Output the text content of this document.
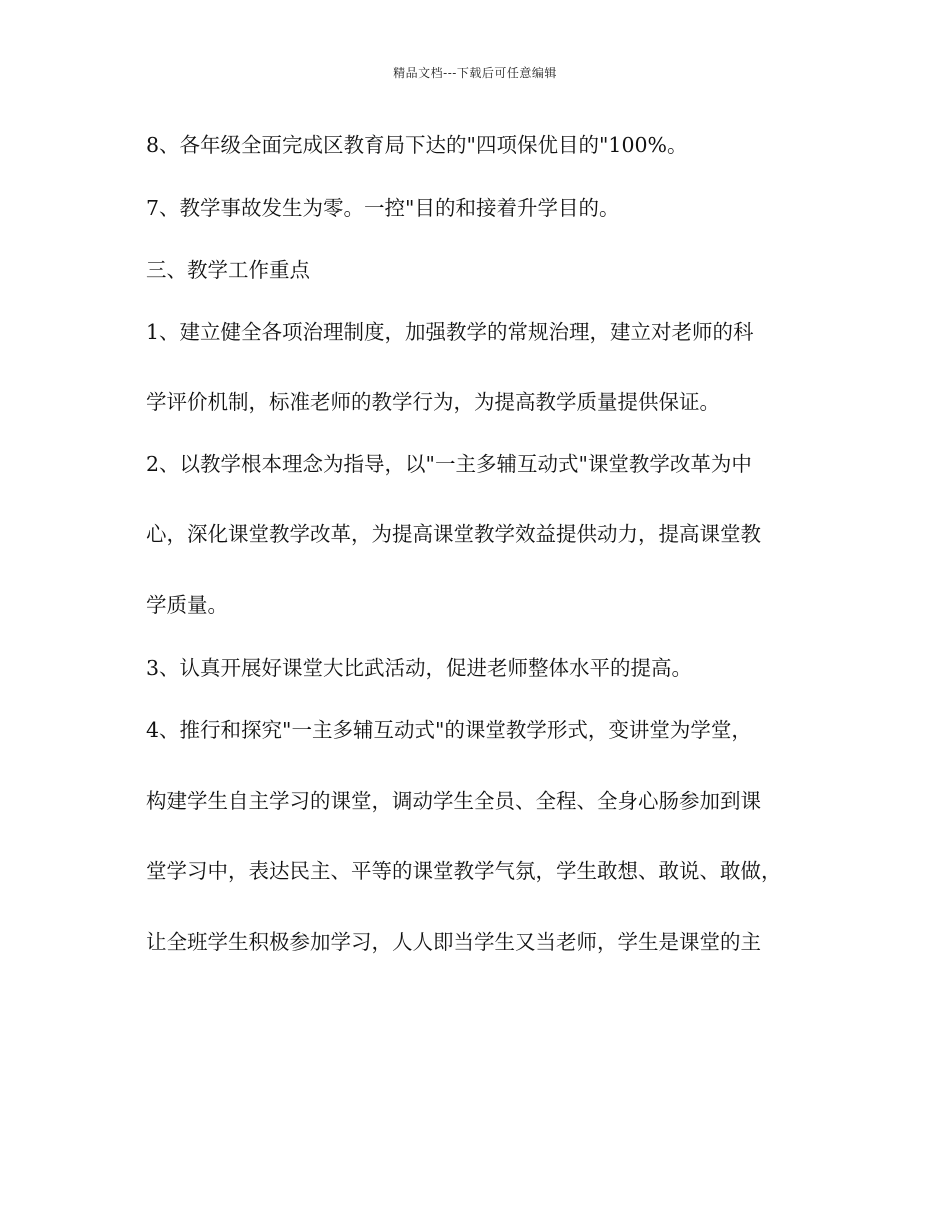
精品文档---下载后可任意编辑
8、各年级全面完成区教育局下达的"四项保优目的"100%。
7、教学事故发生为零。一控"目的和接着升学目的。
三、教学工作重点
1、建立健全各项治理制度，加强教学的常规治理，建立对老师的科
学评价机制，标准老师的教学行为，为提高教学质量提供保证。
2、以教学根本理念为指导，以"一主多辅互动式"课堂教学改革为中
心，深化课堂教学改革，为提高课堂教学效益提供动力，提高课堂教
学质量。
3、认真开展好课堂大比武活动，促进老师整体水平的提高。
4、推行和探究"一主多辅互动式"的课堂教学形式，变讲堂为学堂，
构建学生自主学习的课堂，调动学生全员、全程、全身心肠参加到课
堂学习中，表达民主、平等的课堂教学气氛，学生敢想、敢说、敢做，
让全班学生积极参加学习，人人即当学生又当老师，学生是课堂的主
